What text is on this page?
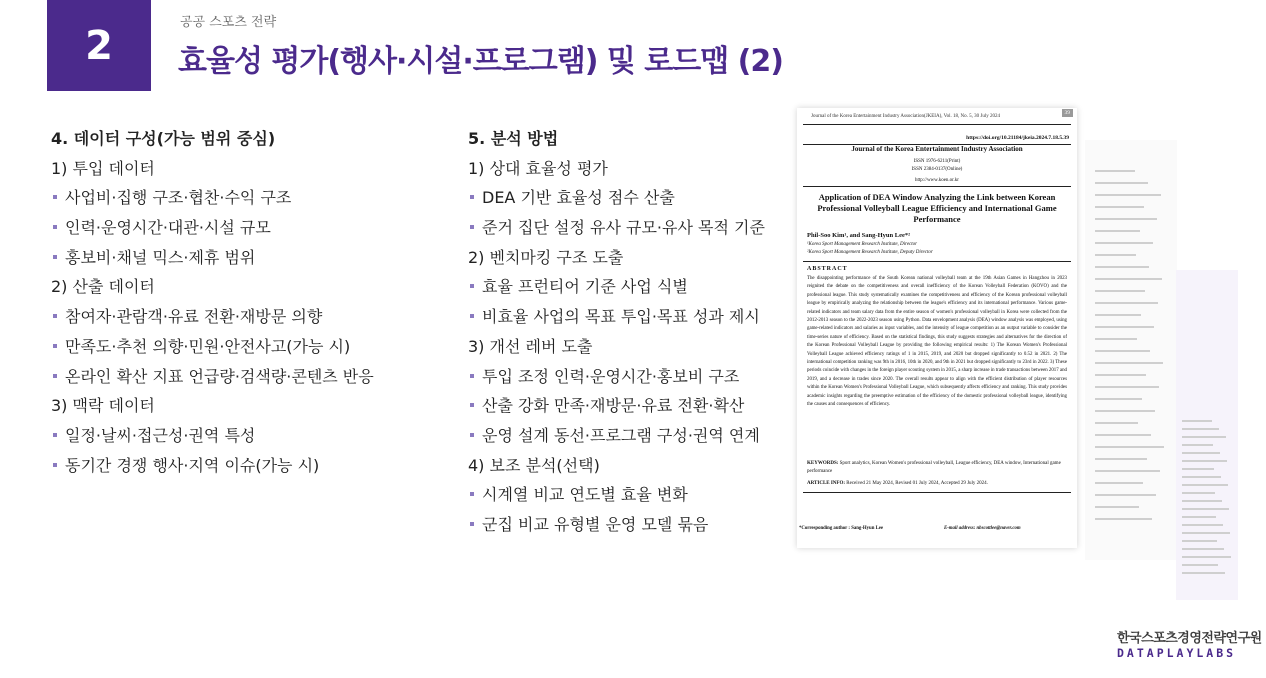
2	공공 스포츠 전략
효율성 평가(행사·시설·프로그램) 및 로드맵 (2)
4. 데이터 구성(가능 범위 중심)
1) 투입 데이터
사업비·집행 구조·협찬·수익 구조
인력·운영시간·대관·시설 규모
홍보비·채널 믹스·제휴 범위
2) 산출 데이터
참여자·관람객·유료 전환·재방문 의향
만족도·추천 의향·민원·안전사고(가능 시)
온라인 확산 지표 언급량·검색량·콘텐츠 반응
3) 맥락 데이터
일정·날씨·접근성·권역 특성
동기간 경쟁 행사·지역 이슈(가능 시)
5. 분석 방법
1) 상대 효율성 평가
DEA 기반 효율성 점수 산출
준거 집단 설정 유사 규모·유사 목적 기준
2) 벤치마킹 구조 도출
효율 프런티어 기준 사업 식별
비효율 사업의 목표 투입·목표 성과 제시
3) 개선 레버 도출
투입 조정 인력·운영시간·홍보비 구조
산출 강화 만족·재방문·유료 전환·확산
운영 설계 동선·프로그램 구성·권역 연계
4) 보조 분석(선택)
시계열 비교 연도별 효율 변화
군집 비교 유형별 운영 모델 묶음
Journal of the Korea Entertainment Industry Association(JKEIA), Vol. 18, No. 5, 30 July 2024
39
https://doi.org/10.21184/jkeia.2024.7.18.5.39
Journal of the Korea Entertainment Industry Association
ISSN 1976-6211(Print)
ISSN 2384-0137(Online)
http://www.koen.or.kr
Application of DEA Window Analyzing the Link between Korean Professional Volleyball League Efficiency and International Game Performance
Phil-Soo Kim¹, and Sang-Hyun Lee*²
¹Korea Sport Management Research Institute, Director
²Korea Sport Management Research Institute, Deputy Director
ABSTRACT
The disappointing performance of the South Korean national volleyball team at the 19th Asian Games in Hangzhou in 2023 reignited the debate on the competitiveness and overall inefficiency of the Korean Volleyball Federation (KOVO) and the professional league. This study systematically examines the competitiveness and efficiency of the Korean professional volleyball league by empirically analyzing the relationship between the league's efficiency and its international performance. Various game-related indicators and team salary data from the entire season of women's professional volleyball in Korea were collected from the 2012-2013 season to the 2022-2023 season using Python. Data envelopment analysis (DEA) window analysis was employed, using game-related indicators and salaries as input variables, and the intensity of league competition as an output variable to consider the time-series nature of efficiency. Based on the statistical findings, this study suggests strategies and alternatives for the direction of the Korean Professional Volleyball League by providing the following empirical results: 1) The Korean Women's Professional Volleyball League achieved efficiency ratings of 1 in 2015, 2019, and 2020 but dropped significantly to 0.52 in 2021. 2) The international competition ranking was 9th in 2016, 10th in 2020, and 9th in 2021 but dropped significantly to 23rd in 2022. 3) These periods coincide with changes in the foreign player scouting system in 2015, a sharp increase in trade transactions between 2017 and 2019, and a decrease in trades since 2020. The overall results appear to align with the efficient distribution of player resources within the Korean Women's Professional Volleyball League, which subsequently affects efficiency and ranking. This study provides academic insights regarding the preemptive estimation of the efficiency of the domestic professional volleyball league, identifying the causes and consequences of efficiency.
KEYWORDS: Sport analytics, Korean Women's professional volleyball, League efficiency, DEA window, International game performance
ARTICLE INFO: Received 21 May 2024, Revised 01 July 2024, Accepted 29 July 2024.
E-mail address: nbscottlee@naver.com
*Corresponding author : Sang-Hyun Lee
한국스포츠경영전략연구원
DATAPLAYLABS
